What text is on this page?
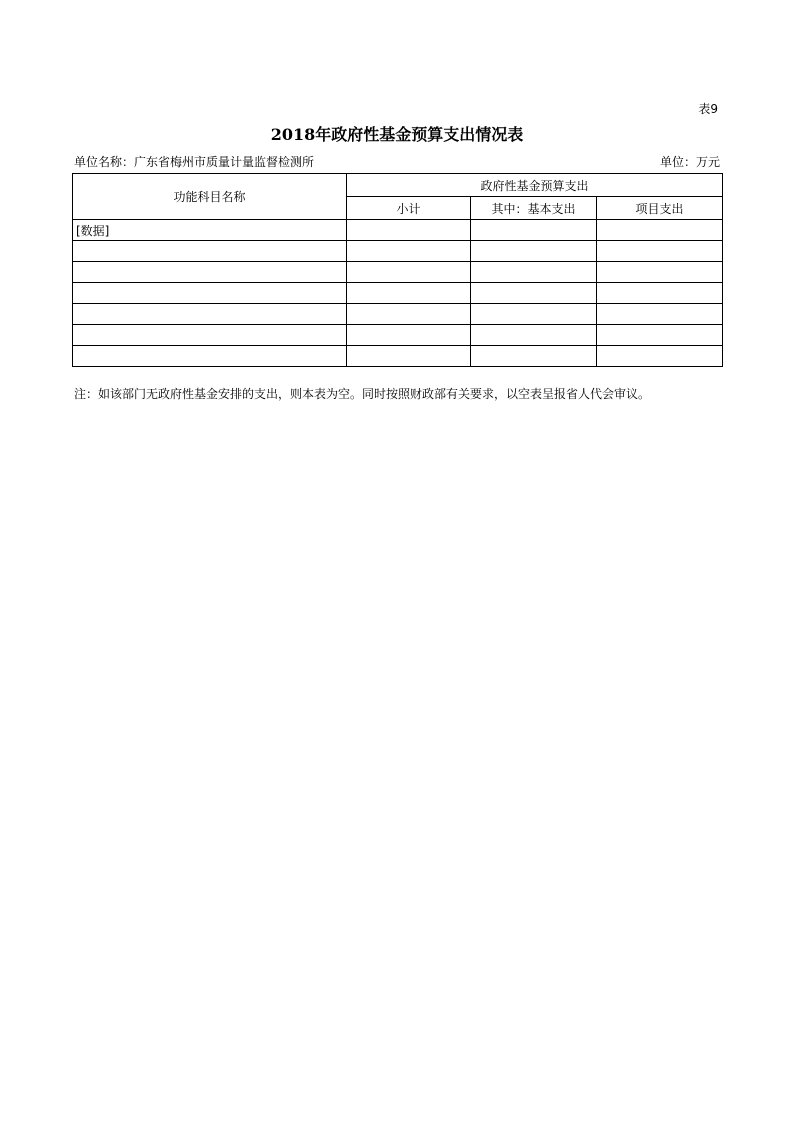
表9
2018年政府性基金预算支出情况表
单位名称：广东省梅州市质量计量监督检测所	单位：万元
功能科目名称	政府性基金预算支出		
	小计	其中：基本支出	项目支出
[数据]			

注：如该部门无政府性基金安排的支出，则本表为空。同时按照财政部有关要求，以空表呈报省人代会审议。
